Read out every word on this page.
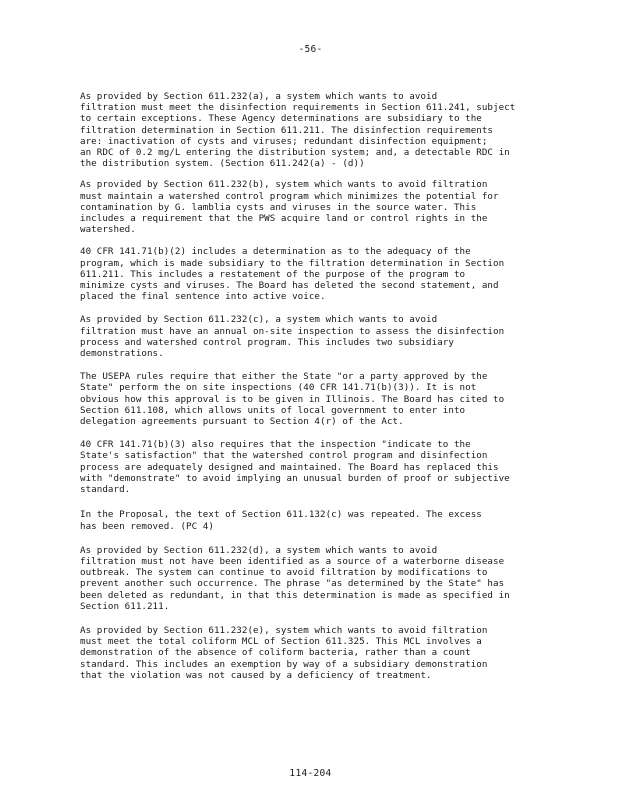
-56-

As provided by Section 611.232(a), a system which wants to avoid
filtration must meet the disinfection requirements in Section 611.241, subject
to certain exceptions. These Agency determinations are subsidiary to the
filtration determination in Section 611.211. The disinfection requirements
are: inactivation of cysts and viruses; redundant disinfection equipment;
an RDC of 0.2 mg/L entering the distribution system; and, a detectable RDC in
the distribution system. (Section 611.242(a) - (d))

As provided by Section 611.232(b), system which wants to avoid filtration
must maintain a watershed control program which minimizes the potential for
contamination by G. lamblia cysts and viruses in the source water. This
includes a requirement that the PWS acquire land or control rights in the
watershed.

40 CFR 141.71(b)(2) includes a determination as to the adequacy of the
program, which is made subsidiary to the filtration determination in Section
611.211. This includes a restatement of the purpose of the program to
minimize cysts and viruses. The Board has deleted the second statement, and
placed the final sentence into active voice.

As provided by Section 611.232(c), a system which wants to avoid
filtration must have an annual on-site inspection to assess the disinfection
process and watershed control program. This includes two subsidiary
demonstrations.

The USEPA rules require that either the State "or a party approved by the
State" perform the on site inspections (40 CFR 141.71(b)(3)). It is not
obvious how this approval is to be given in Illinois. The Board has cited to
Section 611.108, which allows units of local government to enter into
delegation agreements pursuant to Section 4(r) of the Act.

40 CFR 141.71(b)(3) also requires that the inspection "indicate to the
State's satisfaction" that the watershed control program and disinfection
process are adequately designed and maintained. The Board has replaced this
with "demonstrate" to avoid implying an unusual burden of proof or subjective
standard.

In the Proposal, the text of Section 611.132(c) was repeated. The excess
has been removed. (PC 4)

As provided by Section 611.232(d), a system which wants to avoid
filtration must not have been identified as a source of a waterborne disease
outbreak. The system can continue to avoid filtration by modifications to
prevent another such occurrence. The phrase "as determined by the State" has
been deleted as redundant, in that this determination is made as specified in
Section 611.211.

As provided by Section 611.232(e), system which wants to avoid filtration
must meet the total coliform MCL of Section 611.325. This MCL involves a
demonstration of the absence of coliform bacteria, rather than a count
standard. This includes an exemption by way of a subsidiary demonstration
that the violation was not caused by a deficiency of treatment.

114-204
